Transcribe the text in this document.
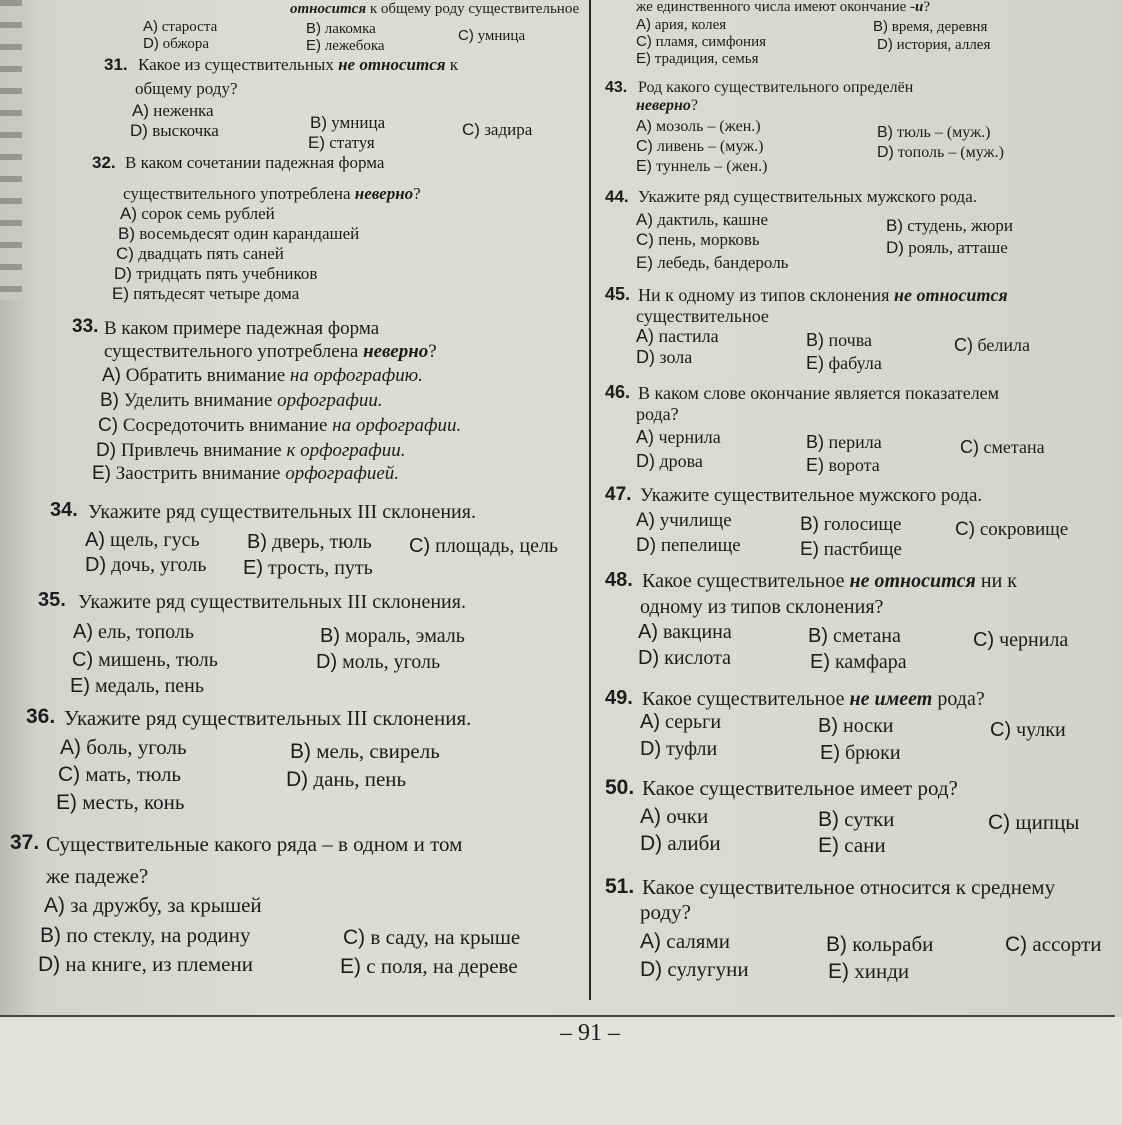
– 91 –
относится к общему роду существительное
A) староста	B) лакомка	C) умница
D) обжора	E) лежебока
31. Какое из существительных не относится к
общему роду?
A) неженка
B) умница	C) задира
D) выскочка
E) статуя
32. В каком сочетании падежная форма
существительного употреблена неверно?
A) сорок семь рублей
B) восемьдесят один карандашей
C) двадцать пять саней
D) тридцать пять учебников
E) пятьдесят четыре дома
33. В каком примере падежная форма
существительного употреблена неверно?
A) Обратить внимание на орфографию.
B) Уделить внимание орфографии.
C) Сосредоточить внимание на орфографии.
D) Привлечь внимание к орфографии.
E) Заострить внимание орфографией.
34. Укажите ряд существительных III склонения.
A) щель, гусь B) дверь, тюль C) площадь, цель
D) дочь, уголь E) трость, путь
35. Укажите ряд существительных III склонения.
A) ель, тополь	B) мораль, эмаль
C) мишень, тюль	D) моль, уголь
E) медаль, пень
36. Укажите ряд существительных III склонения.
A) боль, уголь	B) мель, свирель
C) мать, тюль	D) дань, пень
E) месть, конь
37. Существительные какого ряда – в одном и том
же падеже?
A) за дружбу, за крышей
B) по стеклу, на родину	C) в саду, на крыше
D) на книге, из племени	E) с поля, на дереве
же единственного числа имеют окончание -и?
A) ария, колея	B) время, деревня
C) пламя, симфония	D) история, аллея
E) традиция, семья
43. Род какого существительного определён
неверно?
A) мозоль – (жен.)	B) тюль – (муж.)
C) ливень – (муж.)	D) тополь – (муж.)
E) туннель – (жен.)
44. Укажите ряд существительных мужского рода.
A) дактиль, кашне	B) студень, жюри
C) пень, морковь	D) рояль, атташе
E) лебедь, бандероль
45. Ни к одному из типов склонения не относится
существительное
A) пастила	B) почва	C) белила
D) зола	E) фабула
46. В каком слове окончание является показателем
рода?
A) чернила	B) перила	C) сметана
D) дрова	E) ворота
47. Укажите существительное мужского рода.
A) училище	B) голосище	C) сокровище
D) пепелище	E) пастбище
48. Какое существительное не относится ни к
одному из типов склонения?
A) вакцина	B) сметана	C) чернила
D) кислота	E) камфара
49. Какое существительное не имеет рода?
A) серьги	B) носки	C) чулки
D) туфли	E) брюки
50. Какое существительное имеет род?
A) очки	B) сутки	C) щипцы
D) алиби	E) сани
51. Какое существительное относится к среднему
роду?
A) салями	B) кольраби	C) ассорти
D) сулугуни	E) хинди
